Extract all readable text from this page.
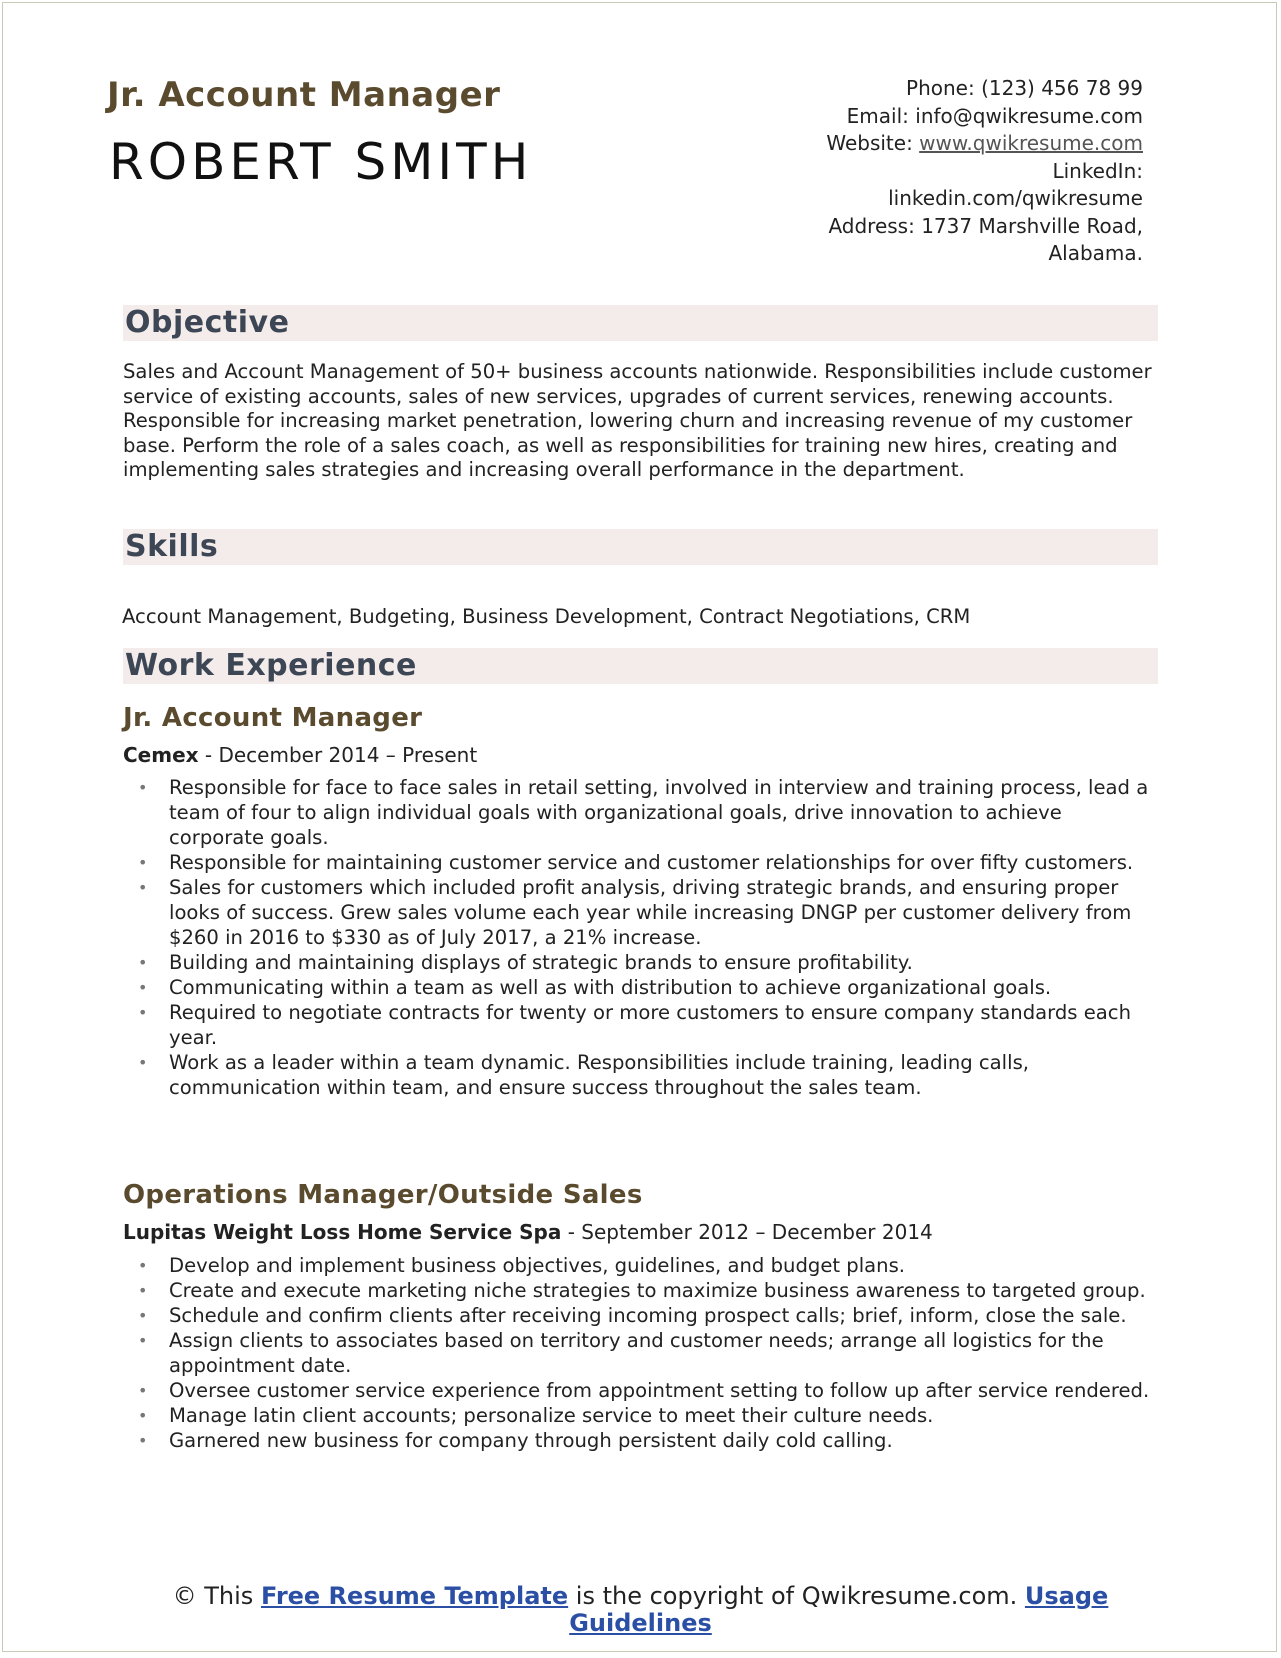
Jr. Account Manager
ROBERT SMITH
Phone: (123) 456 78 99
Email: info@qwikresume.com
Website: www.qwikresume.com
LinkedIn:
linkedin.com/qwikresume
Address: 1737 Marshville Road,
Alabama.
Objective

Sales and Account Management of 50+ business accounts nationwide. Responsibilities include customer service of existing accounts, sales of new services, upgrades of current services, renewing accounts. Responsible for increasing market penetration, lowering churn and increasing revenue of my customer base. Perform the role of a sales coach, as well as responsibilities for training new hires, creating and implementing sales strategies and increasing overall performance in the department.

Skills

Account Management, Budgeting, Business Development, Contract Negotiations, CRM

Work Experience
Jr. Account Manager
Cemex - December 2014 – Present
• Responsible for face to face sales in retail setting, involved in interview and training process, lead a team of four to align individual goals with organizational goals, drive innovation to achieve corporate goals.
• Responsible for maintaining customer service and customer relationships for over fifty customers.
• Sales for customers which included profit analysis, driving strategic brands, and ensuring proper looks of success. Grew sales volume each year while increasing DNGP per customer delivery from $260 in 2016 to $330 as of July 2017, a 21% increase.
• Building and maintaining displays of strategic brands to ensure profitability.
• Communicating within a team as well as with distribution to achieve organizational goals.
• Required to negotiate contracts for twenty or more customers to ensure company standards each year.
• Work as a leader within a team dynamic. Responsibilities include training, leading calls, communication within team, and ensure success throughout the sales team.
Operations Manager/Outside Sales
Lupitas Weight Loss Home Service Spa - September 2012 – December 2014
• Develop and implement business objectives, guidelines, and budget plans.
• Create and execute marketing niche strategies to maximize business awareness to targeted group.
• Schedule and confirm clients after receiving incoming prospect calls; brief, inform, close the sale.
• Assign clients to associates based on territory and customer needs; arrange all logistics for the appointment date.
• Oversee customer service experience from appointment setting to follow up after service rendered.
• Manage latin client accounts; personalize service to meet their culture needs.
• Garnered new business for company through persistent daily cold calling.
© This Free Resume Template is the copyright of Qwikresume.com. Usage
Guidelines
